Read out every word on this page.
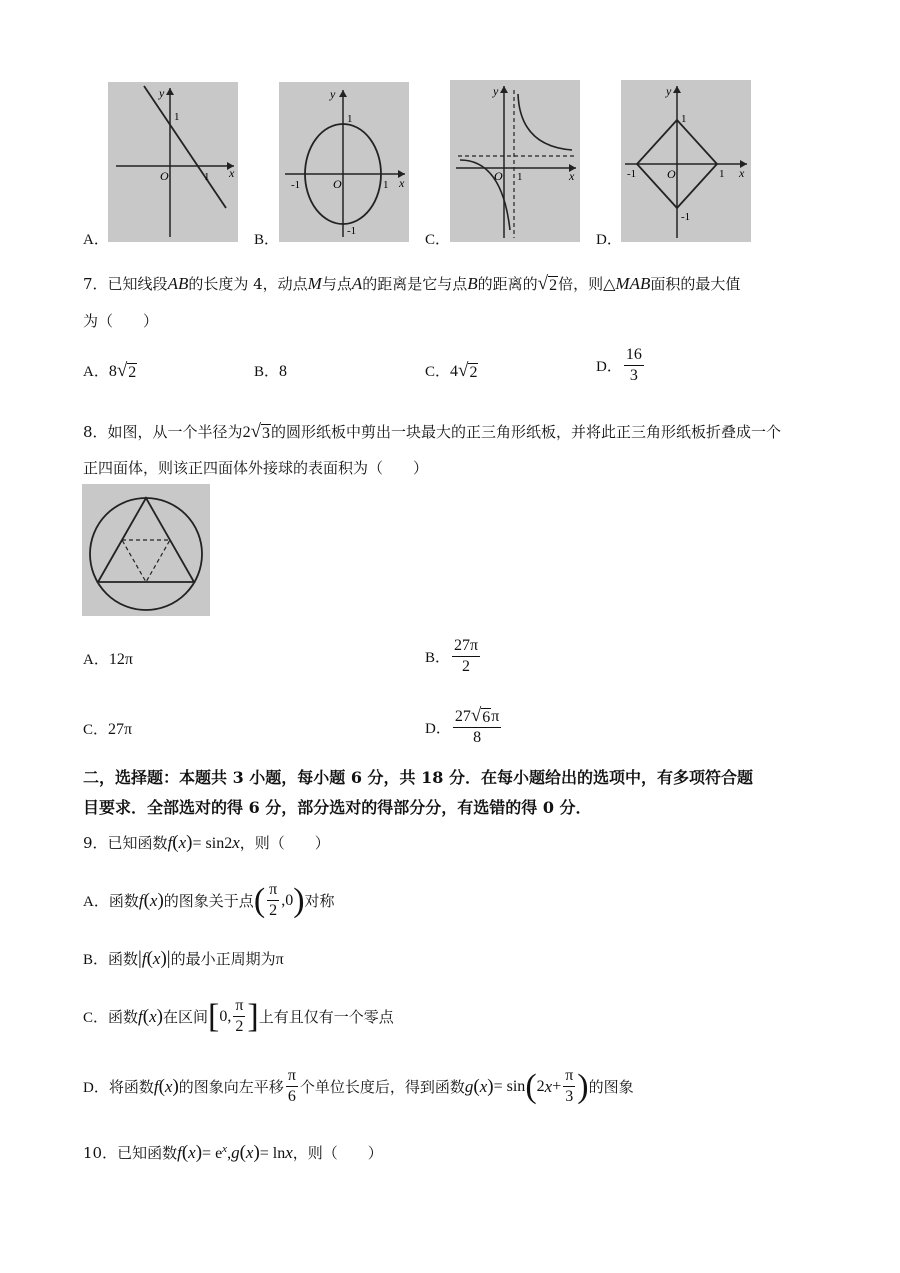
y
x
O
1
1
A．
y
x
O
1
1
-1
-1
B．
y
x
O 1
C．
y
x
O
1
1
-1
-1
D．
7．已知线段AB的长度为 4，动点M与点A的距离是它与点B的距离的 √ 2 倍，则△MAB面积的最大值
为（　　）
A．8 √ 2	B．8	C．4 √ 2	D． $\frac{16}{3}$
8．如图，从一个半径为2 √ 3 的圆形纸板中剪出一块最大的正三角形纸板，并将此正三角形纸板折叠成一个
正四面体，则该正四面体外接球的表面积为（　　）
A．12π	B． $\frac{27\pi}{2}$
C．27π	D． $\frac{27 √ 6 \pi}{8}$
二，选择题：本题共 3 小题，每小题 6 分，共 18 分．在每小题给出的选项中，有多项符合题
目要求．全部选对的得 6 分，部分选对的得部分分，有选错的得 0 分．
9．已知函数f(x)= sin2x，则（　　）
A． 函数 f ( x ) 的图象关于点 ( $\frac{\pi}{2}$ , 0 ) 对称
B．函数|f(x)|的最小正周期为π
C． 函数 f ( x ) 在区间 [ 0 , $\frac{\pi}{2}$ ] 上有且仅有一个零点
D． 将函数 f ( x ) 的图象向左平移 $\frac{\pi}{6}$ 个单位长度后，得到函数 g ( x ) = sin ( 2 $x + \frac{\pi}{3}$ ) 的图象
10．已知函数$f(x)= e^x,g(x)= \ln x$，则（　　）
